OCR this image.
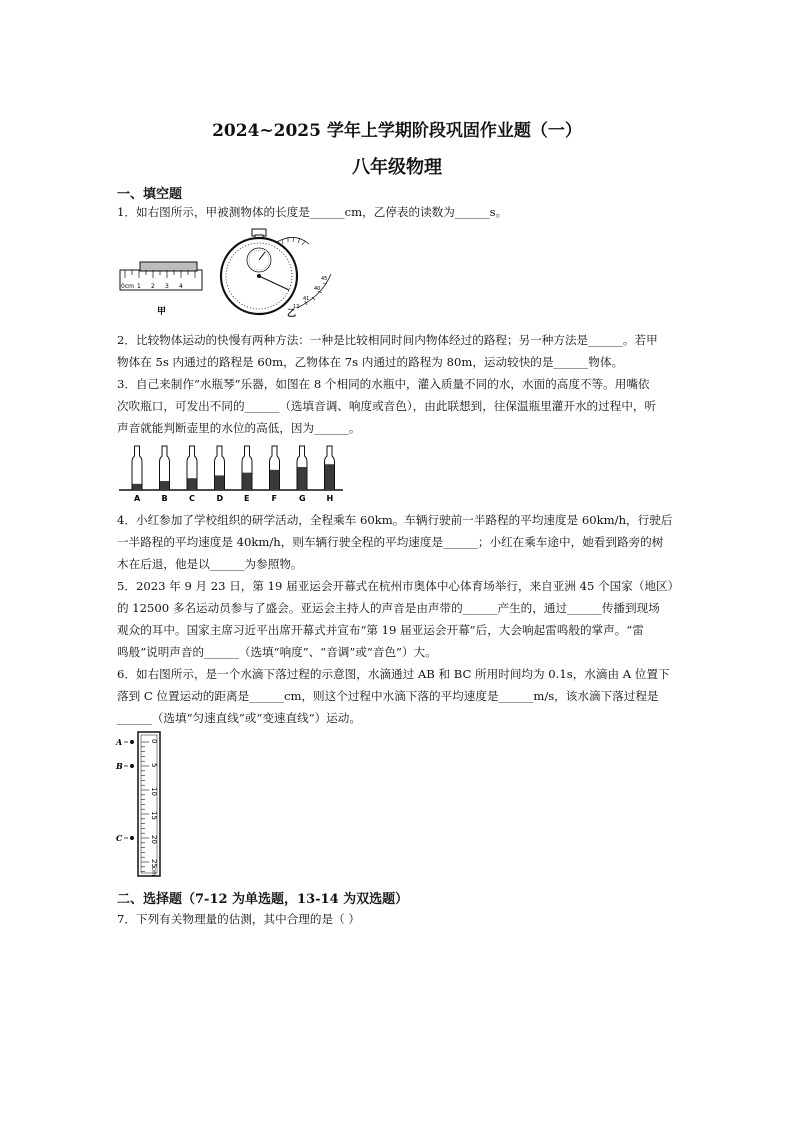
2024~2025 学年上学期阶段巩固作业题（一）
八年级物理
一、填空题
1．如右图所示，甲被测物体的长度是______cm，乙停表的读数为______s。
0cm 1 2 3 4
甲	乙
12
41
40
45
2．比较物体运动的快慢有两种方法：一种是比较相同时间内物体经过的路程；另一种方法是______。若甲
物体在 5s 内通过的路程是 60m，乙物体在 7s 内通过的路程为 80m，运动较快的是______物体。
3．自己来制作“水瓶琴”乐器，如图在 8 个相同的水瓶中，灌入质量不同的水，水面的高度不等。用嘴依
次吹瓶口，可发出不同的______（选填音调、响度或音色），由此联想到，往保温瓶里灌开水的过程中，听
声音就能判断壶里的水位的高低，因为______。
A	B	C	D	E	F	G	H
4．小红参加了学校组织的研学活动，全程乘车 60km。车辆行驶前一半路程的平均速度是 60km/h，行驶后
一半路程的平均速度是 40km/h，则车辆行驶全程的平均速度是______；小红在乘车途中，她看到路旁的树
木在后退，他是以______为参照物。
5．2023 年 9 月 23 日，第 19 届亚运会开幕式在杭州市奥体中心体育场举行，来自亚洲 45 个国家（地区）
的 12500 多名运动员参与了盛会。亚运会主持人的声音是由声带的______产生的，通过______传播到现场
观众的耳中。国家主席习近平出席开幕式并宣布“第 19 届亚运会开幕”后，大会响起雷鸣般的掌声。“雷
鸣般”说明声音的______（选填“响度”、“音调”或“音色”）大。
6．如右图所示，是一个水滴下落过程的示意图，水滴通过 AB 和 BC 所用时间均为 0.1s，水滴由 A 位置下
落到 C 位置运动的距离是______cm，则这个过程中水滴下落的平均速度是______m/s，该水滴下落过程是
______（选填“匀速直线”或“变速直线”）运动。
0
5
10
15
20
25
cm
A
B
C
二、选择题（7-12 为单选题，13-14 为双选题）
7．下列有关物理量的估测，其中合理的是（ ）
